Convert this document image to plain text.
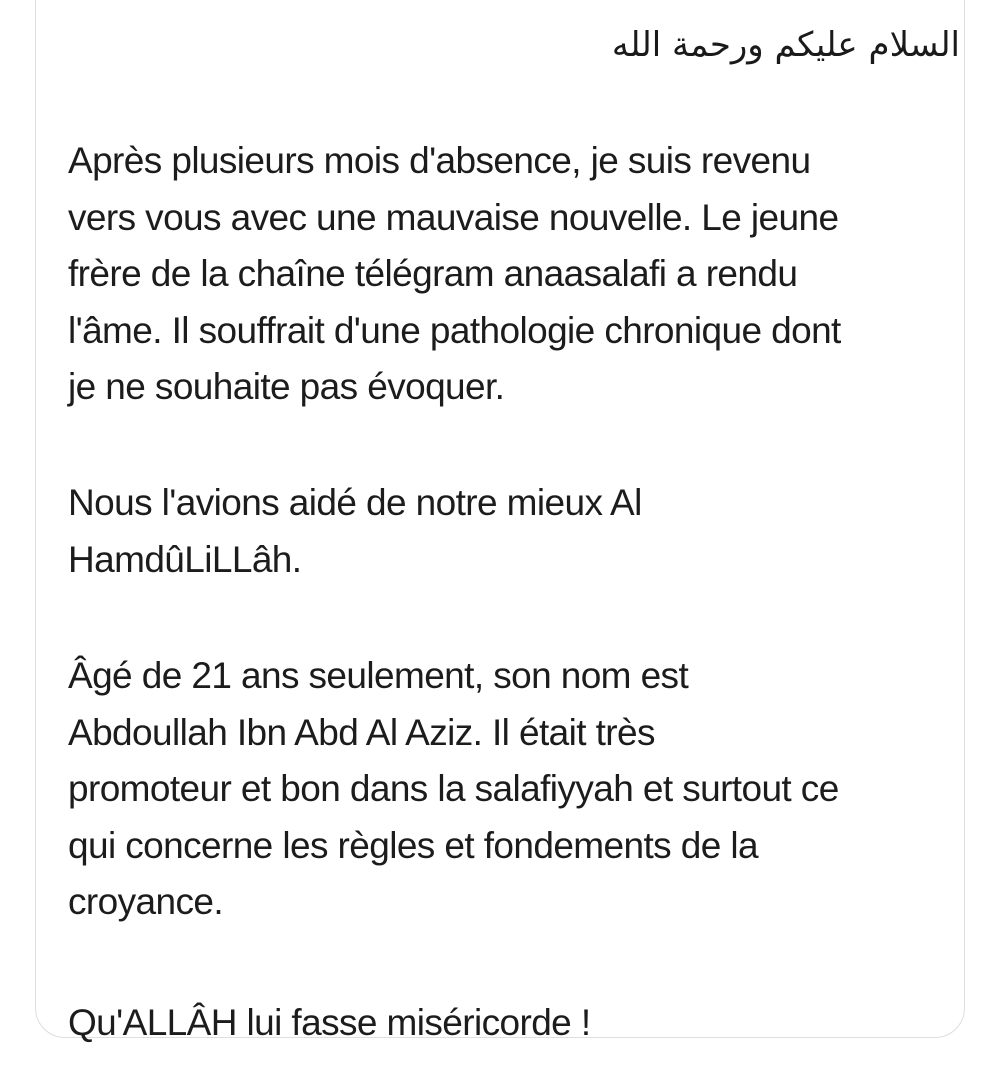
السلام عليكم ورحمة الله

Après plusieurs mois d'absence, je suis revenu
vers vous avec une mauvaise nouvelle. Le jeune
frère de la chaîne télégram anaasalafi a rendu
l'âme. Il souffrait d'une pathologie chronique dont
je ne souhaite pas évoquer.

Nous l'avions aidé de notre mieux Al
HamdûLiLLâh.

Âgé de 21 ans seulement, son nom est
Abdoullah Ibn Abd Al Aziz. Il était très
promoteur et bon dans la salafiyyah et surtout ce
qui concerne les règles et fondements de la
croyance.

Qu'ALLÂH lui fasse miséricorde !
